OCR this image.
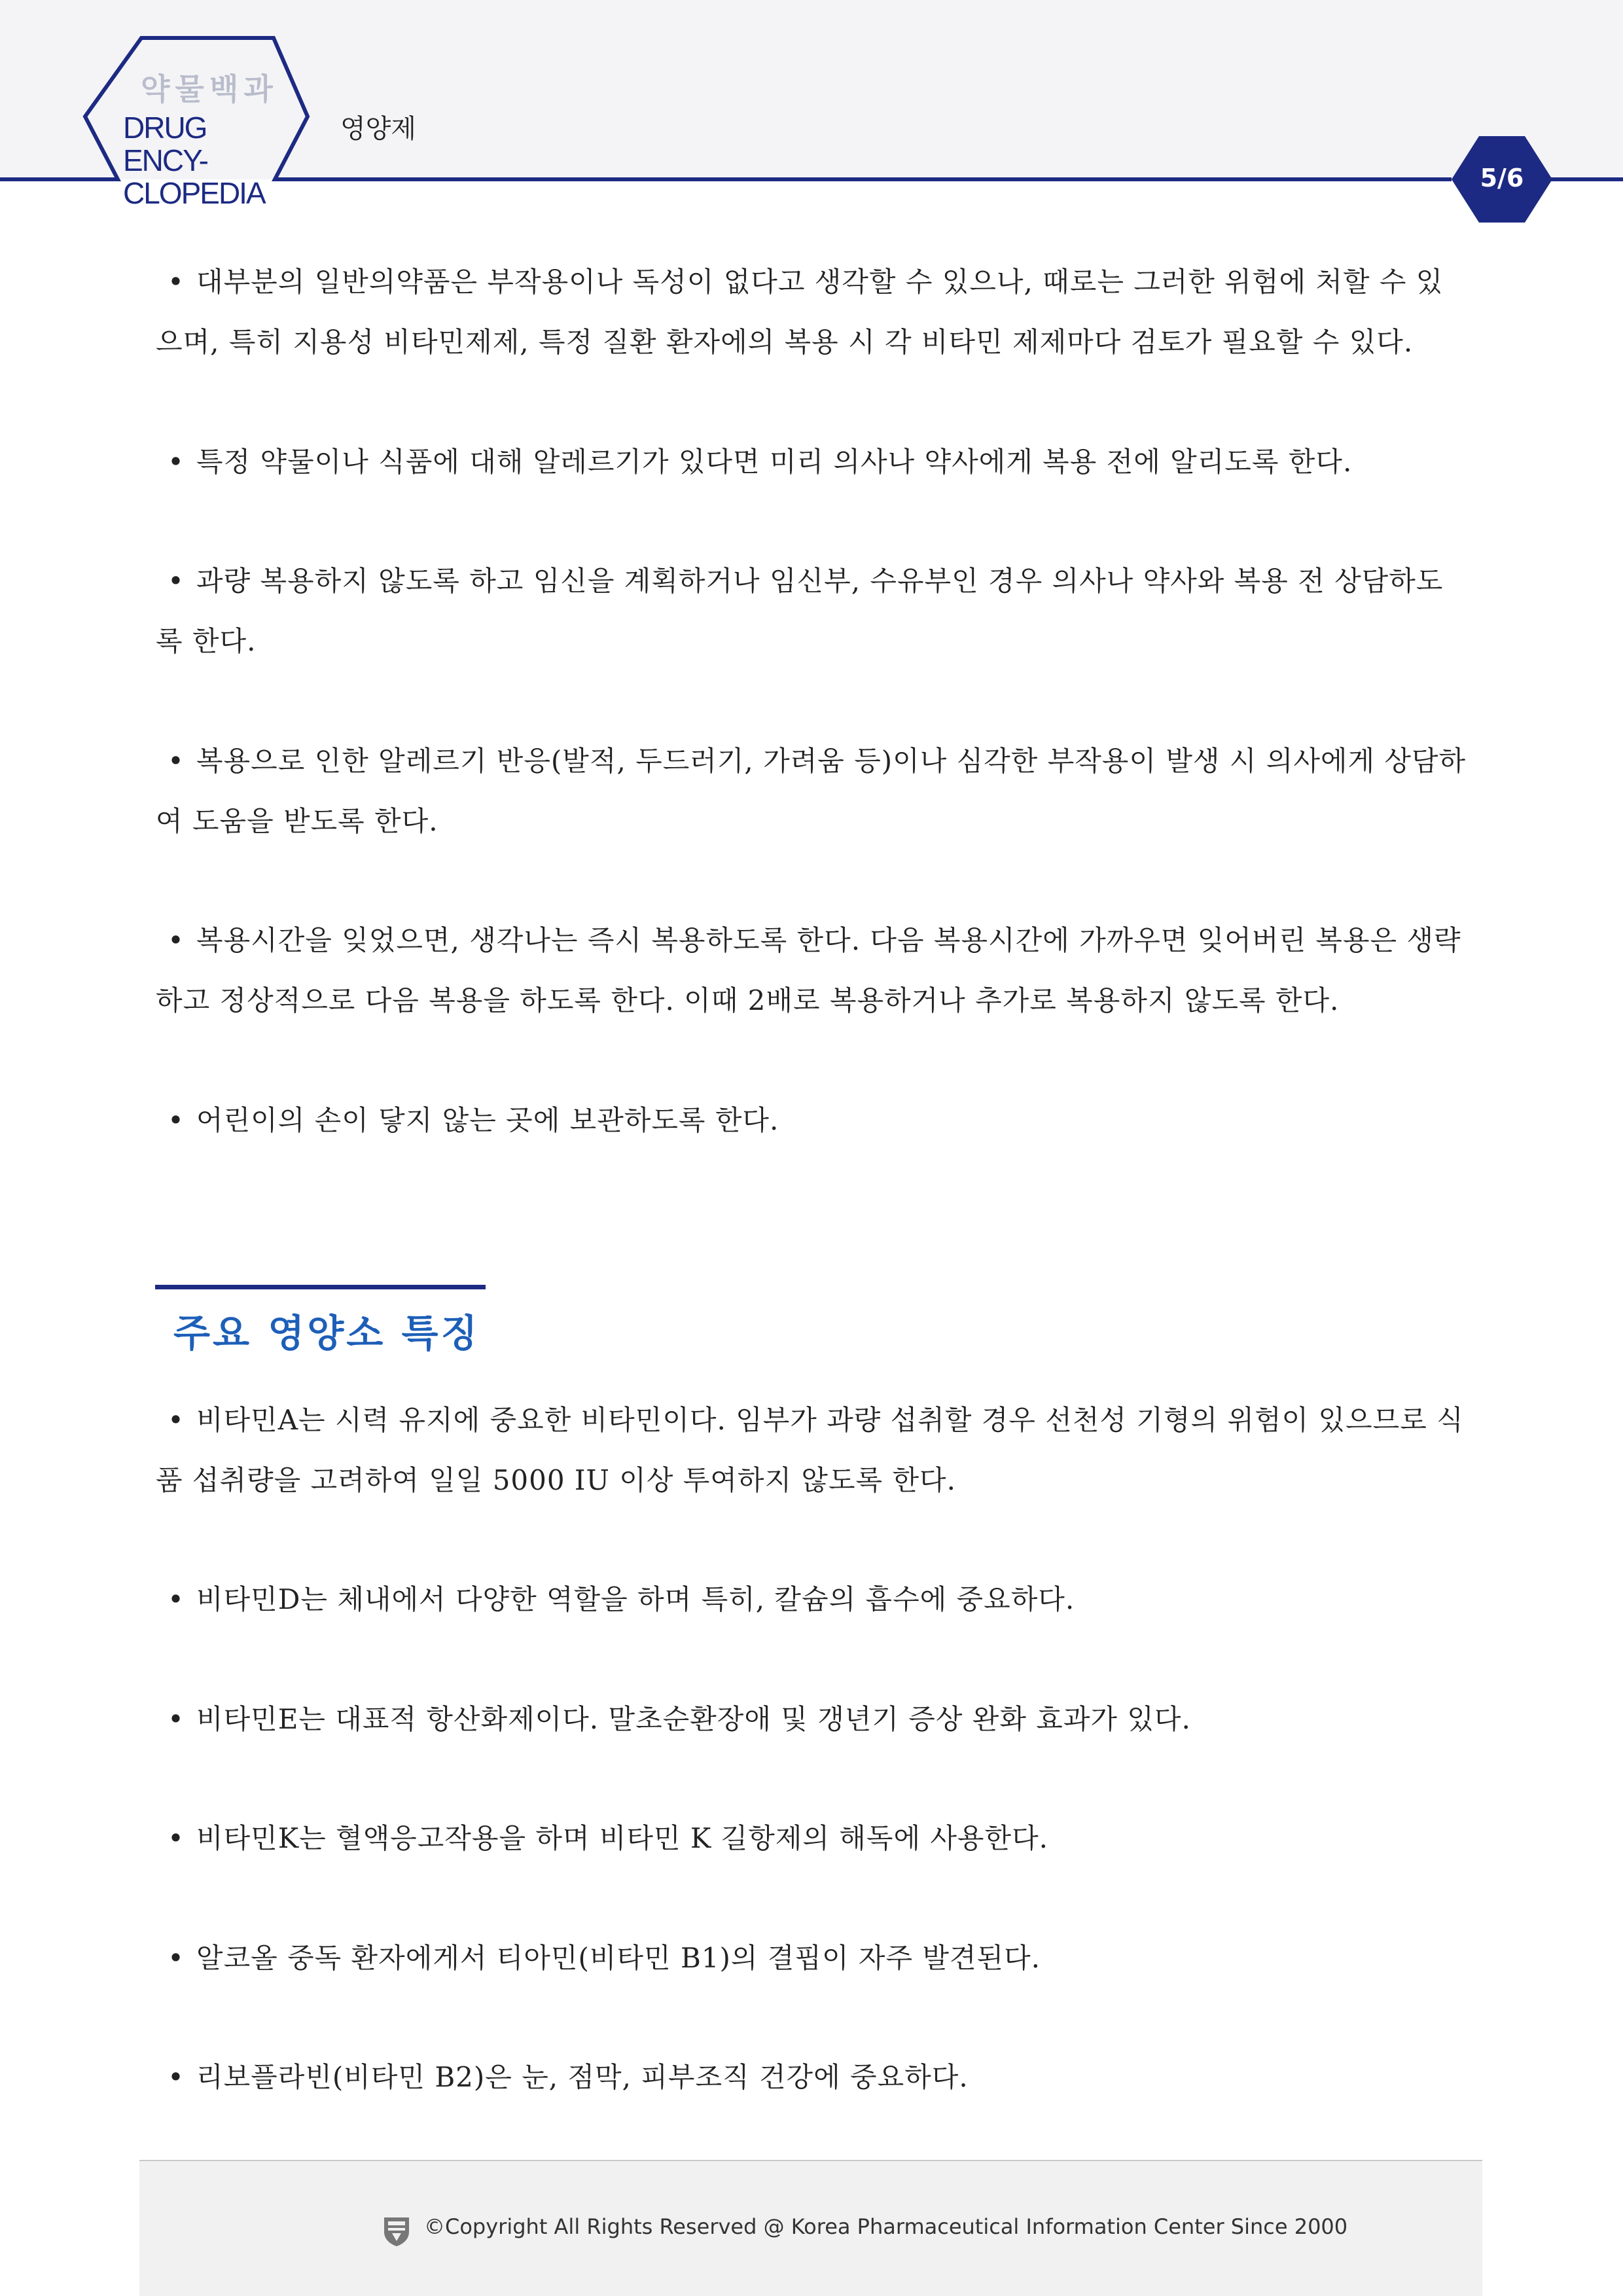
약물백과
DRUG ENCY-
CLOPEDIA
영양제
5/6

• 대부분의 일반의약품은 부작용이나 독성이 없다고 생각할 수 있으나, 때로는 그러한 위험에 처할 수 있
으며, 특히 지용성 비타민제제, 특정 질환 환자에의 복용 시 각 비타민 제제마다 검토가 필요할 수 있다.

• 특정 약물이나 식품에 대해 알레르기가 있다면 미리 의사나 약사에게 복용 전에 알리도록 한다.

• 과량 복용하지 않도록 하고 임신을 계획하거나 임신부, 수유부인 경우 의사나 약사와 복용 전 상담하도
록 한다.

• 복용으로 인한 알레르기 반응(발적, 두드러기, 가려움 등)이나 심각한 부작용이 발생 시 의사에게 상담하
여 도움을 받도록 한다.

• 복용시간을 잊었으면, 생각나는 즉시 복용하도록 한다. 다음 복용시간에 가까우면 잊어버린 복용은 생략
하고 정상적으로 다음 복용을 하도록 한다. 이때 2배로 복용하거나 추가로 복용하지 않도록 한다.

• 어린이의 손이 닿지 않는 곳에 보관하도록 한다.

주요 영양소 특징

• 비타민A는 시력 유지에 중요한 비타민이다. 임부가 과량 섭취할 경우 선천성 기형의 위험이 있으므로 식
품 섭취량을 고려하여 일일 5000 IU 이상 투여하지 않도록 한다.

• 비타민D는 체내에서 다양한 역할을 하며 특히, 칼슘의 흡수에 중요하다.

• 비타민E는 대표적 항산화제이다. 말초순환장애 및 갱년기 증상 완화 효과가 있다.

• 비타민K는 혈액응고작용을 하며 비타민 K 길항제의 해독에 사용한다.

• 알코올 중독 환자에게서 티아민(비타민 B1)의 결핍이 자주 발견된다.

• 리보플라빈(비타민 B2)은 눈, 점막, 피부조직 건강에 중요하다.

©Copyright All Rights Reserved @ Korea Pharmaceutical Information Center Since 2000
